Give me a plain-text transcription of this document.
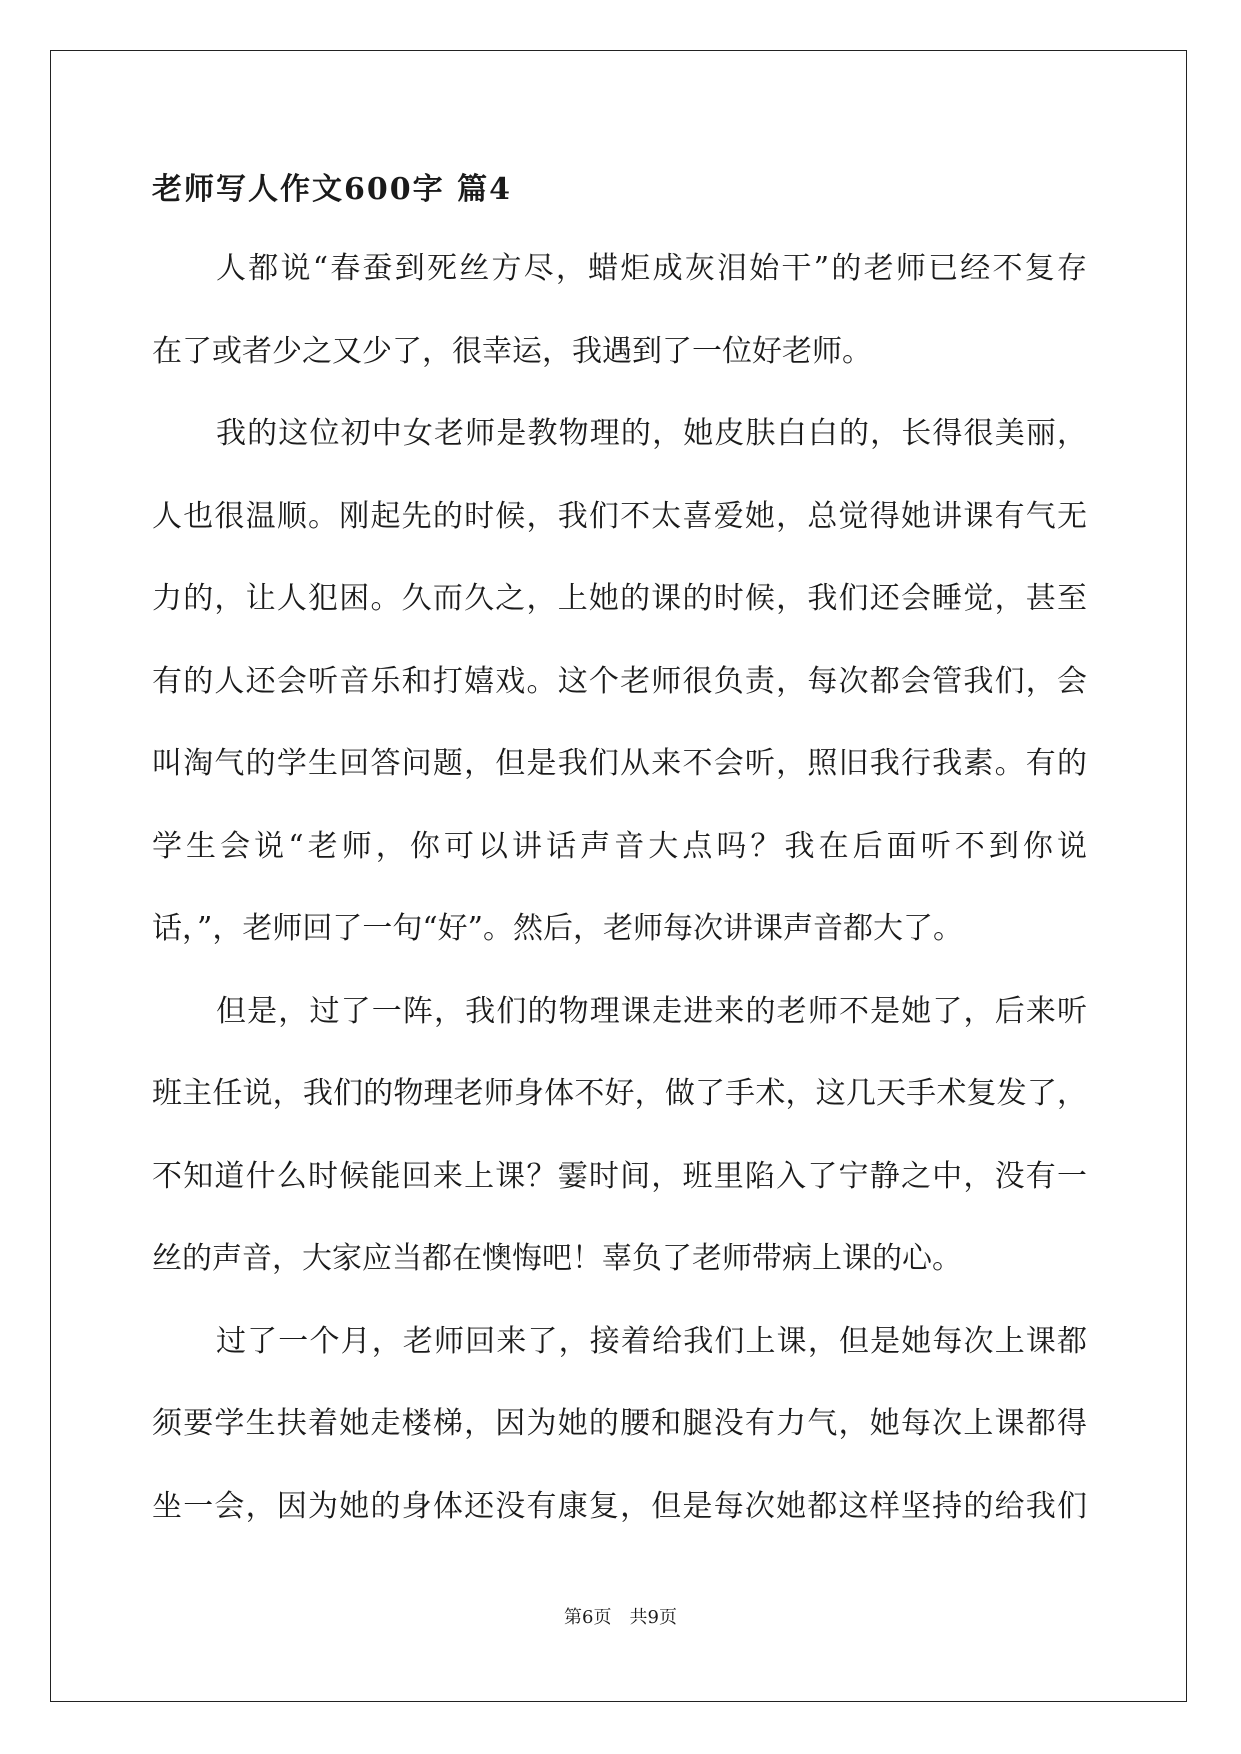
老师写人作文600字 篇4

人都说“春蚕到死丝方尽，蜡炬成灰泪始干”的老师已经不复存

在了或者少之又少了，很幸运，我遇到了一位好老师。

我的这位初中女老师是教物理的，她皮肤白白的，长得很美丽，

人也很温顺。刚起先的时候，我们不太喜爱她，总觉得她讲课有气无

力的，让人犯困。久而久之，上她的课的时候，我们还会睡觉，甚至

有的人还会听音乐和打嬉戏。这个老师很负责，每次都会管我们，会

叫淘气的学生回答问题，但是我们从来不会听，照旧我行我素。有的

学生会说“老师，你可以讲话声音大点吗？我在后面听不到你说

话，”，老师回了一句“好”。然后，老师每次讲课声音都大了。

但是，过了一阵，我们的物理课走进来的老师不是她了，后来听

班主任说，我们的物理老师身体不好，做了手术，这几天手术复发了，

不知道什么时候能回来上课？霎时间，班里陷入了宁静之中，没有一

丝的声音，大家应当都在懊悔吧！辜负了老师带病上课的心。

过了一个月，老师回来了，接着给我们上课，但是她每次上课都

须要学生扶着她走楼梯，因为她的腰和腿没有力气，她每次上课都得

坐一会，因为她的身体还没有康复，但是每次她都这样坚持的给我们

第6页 共9页
